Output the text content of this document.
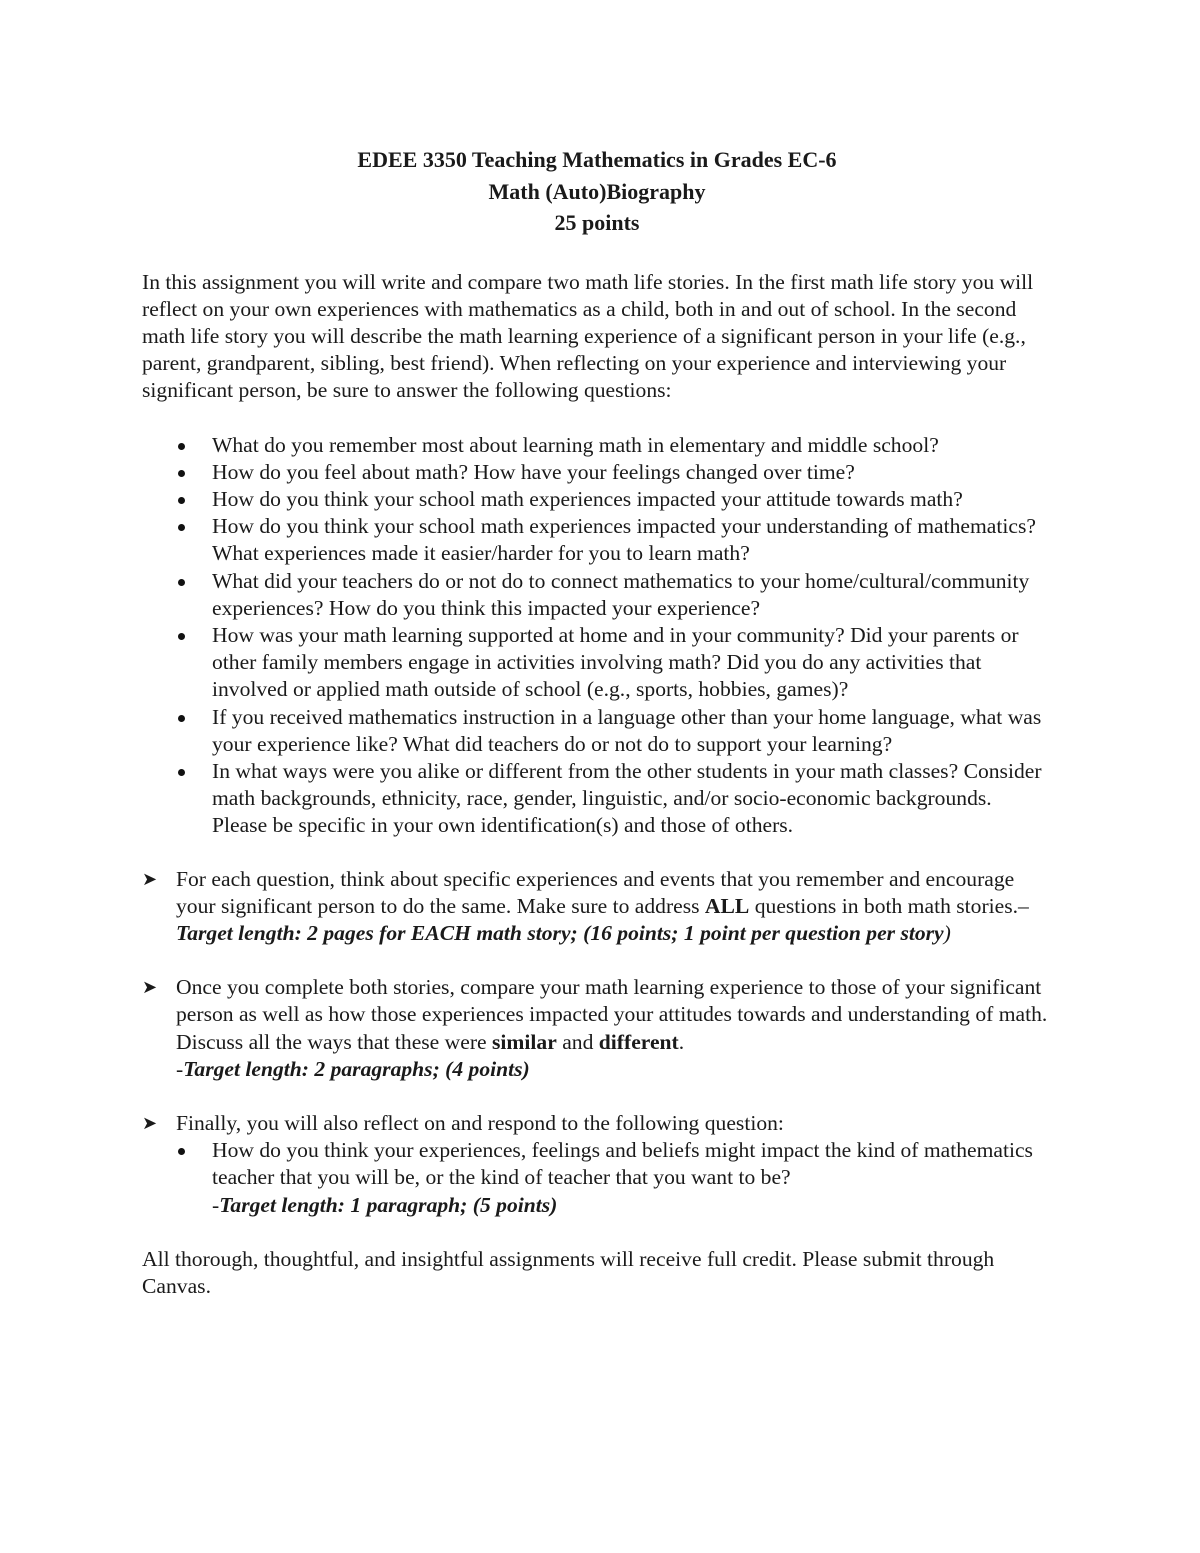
EDEE 3350 Teaching Mathematics in Grades EC-6
Math (Auto)Biography
25 points

In this assignment you will write and compare two math life stories. In the first math life story you will reflect on your own experiences with mathematics as a child, both in and out of school. In the second math life story you will describe the math learning experience of a significant person in your life (e.g., parent, grandparent, sibling, best friend). When reflecting on your experience and interviewing your significant person, be sure to answer the following questions:

What do you remember most about learning math in elementary and middle school?
How do you feel about math? How have your feelings changed over time?
How do you think your school math experiences impacted your attitude towards math?
How do you think your school math experiences impacted your understanding of mathematics? What experiences made it easier/harder for you to learn math?
What did your teachers do or not do to connect mathematics to your home/cultural/community experiences? How do you think this impacted your experience?
How was your math learning supported at home and in your community? Did your parents or other family members engage in activities involving math? Did you do any activities that involved or applied math outside of school (e.g., sports, hobbies, games)?
If you received mathematics instruction in a language other than your home language, what was your experience like? What did teachers do or not do to support your learning?
In what ways were you alike or different from the other students in your math classes? Consider math backgrounds, ethnicity, race, gender, linguistic, and/or socio-economic backgrounds. Please be specific in your own identification(s) and those of others.
➤ For each question, think about specific experiences and events that you remember and encourage your significant person to do the same. Make sure to address ALL questions in both math stories.–Target length: 2 pages for EACH math story; (16 points; 1 point per question per story)
➤ Once you complete both stories, compare your math learning experience to those of your significant person as well as how those experiences impacted your attitudes towards and understanding of math. Discuss all the ways that these were similar and different.
-Target length: 2 paragraphs; (4 points)
➤ Finally, you will also reflect on and respond to the following question:
How do you think your experiences, feelings and beliefs might impact the kind of mathematics teacher that you will be, or the kind of teacher that you want to be?
-Target length: 1 paragraph; (5 points)

All thorough, thoughtful, and insightful assignments will receive full credit. Please submit through Canvas.
